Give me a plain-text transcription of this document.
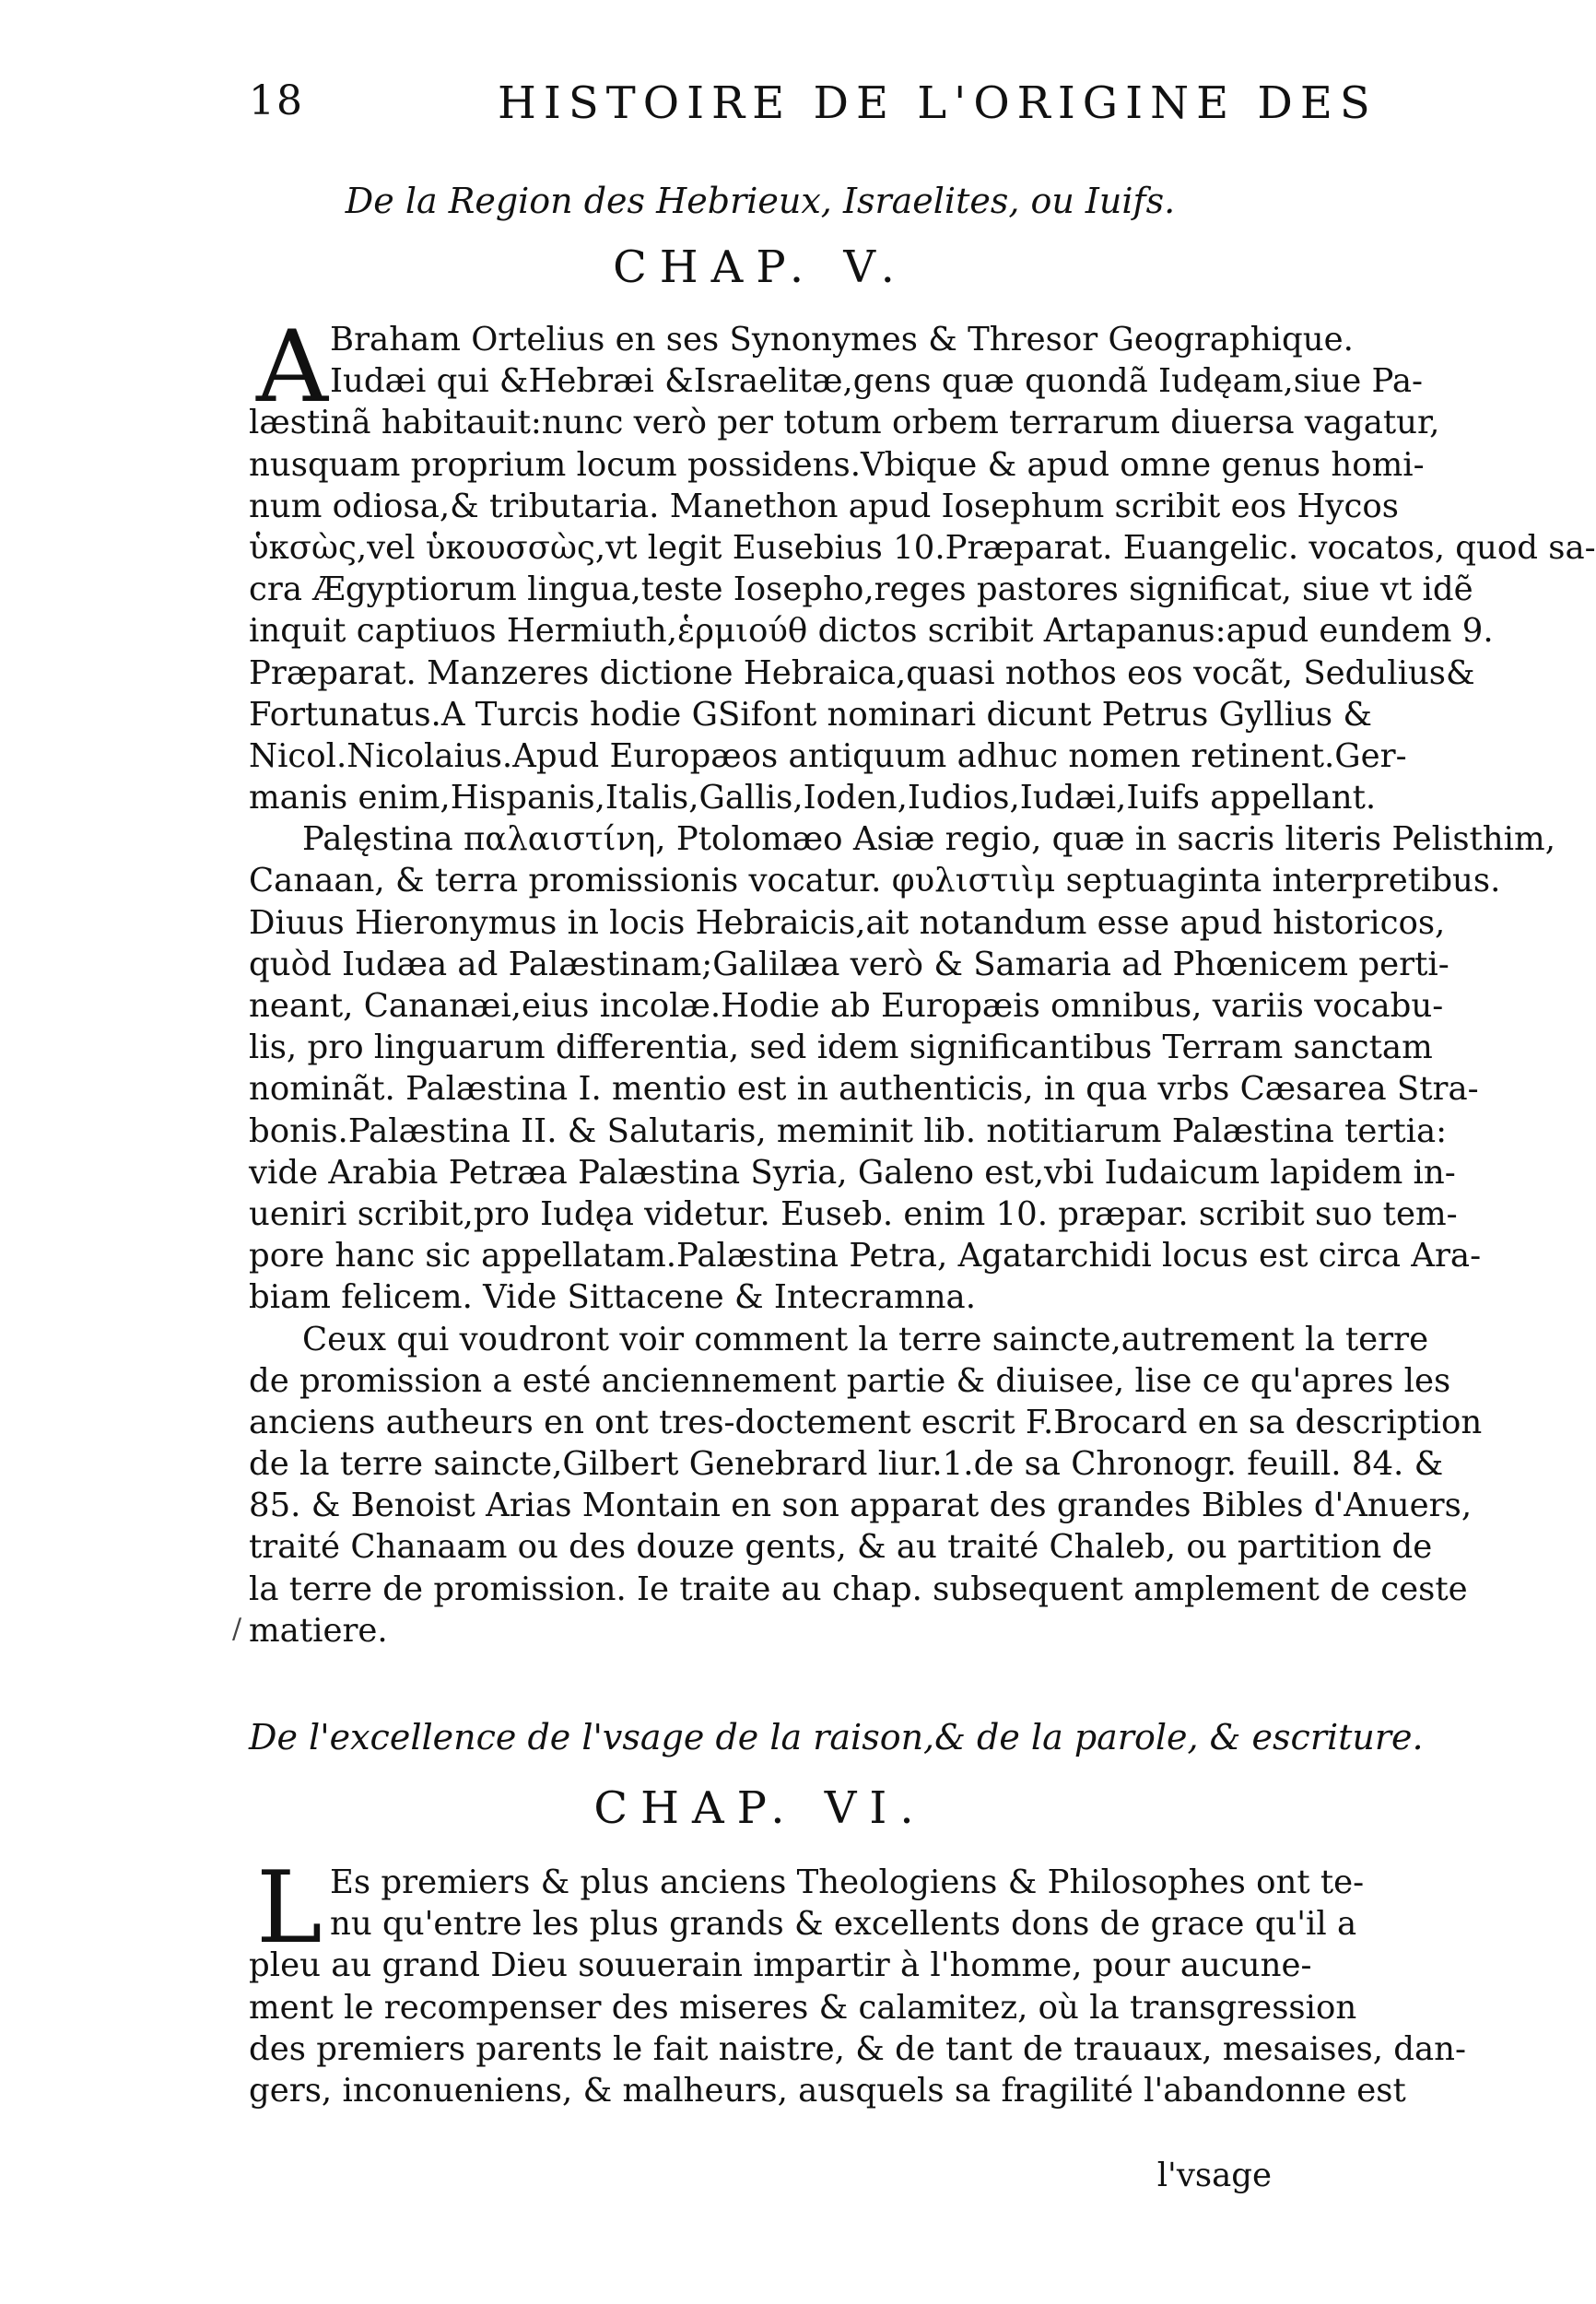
18	HISTOIRE DE L'ORIGINE DES
De la Region des Hebrieux, Israelites, ou Iuifs.
CHAP. V.
A Braham Ortelius en ses Synonymes & Thresor Geographique.
Iudæi qui &Hebræi &Israelitæ,gens quæ quondã Iudęam,siue Pa-
læstinã habitauit:nunc verò per totum orbem terrarum diuersa vagatur,
nusquam proprium locum possidens.Vbique & apud omne genus homi-
num odiosa,& tributaria. Manethon apud Iosephum scribit eos Hycos
ὑκσὼς,vel ὑκουσσὼς,vt legit Eusebius 10.Præparat. Euangelic. vocatos, quod sa-
cra Ægyptiorum lingua,teste Iosepho,reges pastores significat, siue vt idẽ
inquit captiuos Hermiuth,ἑρμιούθ dictos scribit Artapanus:apud eundem 9.
Præparat. Manzeres dictione Hebraica,quasi nothos eos vocãt, Sedulius&
Fortunatus.A Turcis hodie GSifont nominari dicunt Petrus Gyllius &
Nicol.Nicolaius.Apud Europæos antiquum adhuc nomen retinent.Ger-
manis enim,Hispanis,Italis,Gallis,Ioden,Iudios,Iudæi,Iuifs appellant.
Palęstina παλαιστίνη, Ptolomæo Asiæ regio, quæ in sacris literis Pelisthim,
Canaan, & terra promissionis vocatur. φυλιστιὶμ septuaginta interpretibus.
Diuus Hieronymus in locis Hebraicis,ait notandum esse apud historicos,
quòd Iudæa ad Palæstinam;Galilæa verò & Samaria ad Phœnicem perti-
neant, Cananæi,eius incolæ.Hodie ab Europæis omnibus, variis vocabu-
lis, pro linguarum differentia, sed idem significantibus Terram sanctam
nominãt. Palæstina I. mentio est in authenticis, in qua vrbs Cæsarea Stra-
bonis.Palæstina II. & Salutaris, meminit lib. notitiarum Palæstina tertia:
vide Arabia Petræa Palæstina Syria, Galeno est,vbi Iudaicum lapidem in-
ueniri scribit,pro Iudęa videtur. Euseb. enim 10. præpar. scribit suo tem-
pore hanc sic appellatam.Palæstina Petra, Agatarchidi locus est circa Ara-
biam felicem. Vide Sittacene & Intecramna.
Ceux qui voudront voir comment la terre saincte,autrement la terre
de promission a esté anciennement partie & diuisee, lise ce qu'apres les
anciens autheurs en ont tres-doctement escrit F.Brocard en sa description
de la terre saincte,Gilbert Genebrard liur.1.de sa Chronogr. feuill. 84. &
85. & Benoist Arias Montain en son apparat des grandes Bibles d'Anuers,
traité Chanaam ou des douze gents, & au traité Chaleb, ou partition de
la terre de promission. Ie traite au chap. subsequent amplement de ceste
matiere.
De l'excellence de l'vsage de la raison,& de la parole, & escriture.
CHAP. VI.
L Es premiers & plus anciens Theologiens & Philosophes ont te-
nu qu'entre les plus grands & excellents dons de grace qu'il a
pleu au grand Dieu souuerain impartir à l'homme, pour aucune-
ment le recompenser des miseres & calamitez, où la transgression
des premiers parents le fait naistre, & de tant de trauaux, mesaises, dan-
gers, inconueniens, & malheurs, ausquels sa fragilité l'abandonne est
l'vsage
/
